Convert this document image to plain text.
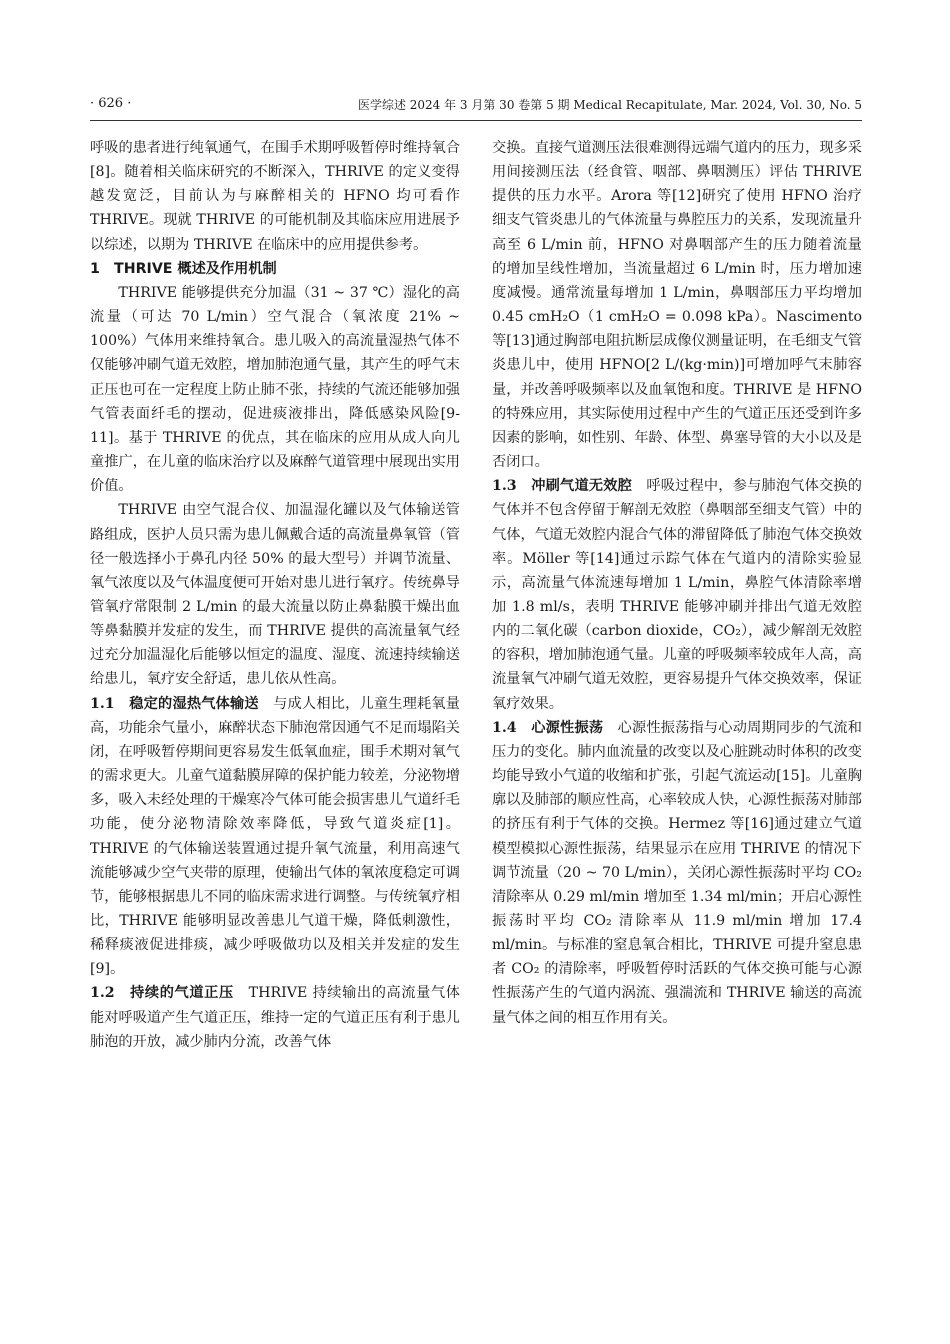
· 626 ·	医学综述 2024 年 3 月第 30 卷第 5 期 Medical Recapitulate, Mar. 2024, Vol. 30, No. 5

呼吸的患者进行纯氧通气，在围手术期呼吸暂停时维持氧合[8]。随着相关临床研究的不断深入，THRIVE 的定义变得越发宽泛，目前认为与麻醉相关的 HFNO 均可看作 THRIVE。现就 THRIVE 的可能机制及其临床应用进展予以综述，以期为 THRIVE 在临床中的应用提供参考。

1　THRIVE 概述及作用机制

THRIVE 能够提供充分加温（31 ~ 37 ℃）湿化的高流量（可达 70 L/min）空气混合（氧浓度 21% ~ 100%）气体用来维持氧合。患儿吸入的高流量湿热气体不仅能够冲刷气道无效腔，增加肺泡通气量，其产生的呼气末正压也可在一定程度上防止肺不张，持续的气流还能够加强气管表面纤毛的摆动，促进痰液排出，降低感染风险[9-11]。基于 THRIVE 的优点，其在临床的应用从成人向儿童推广，在儿童的临床治疗以及麻醉气道管理中展现出实用价值。

THRIVE 由空气混合仪、加温湿化罐以及气体输送管路组成，医护人员只需为患儿佩戴合适的高流量鼻氧管（管径一般选择小于鼻孔内径 50% 的最大型号）并调节流量、氧气浓度以及气体温度便可开始对患儿进行氧疗。传统鼻导管氧疗常限制 2 L/min 的最大流量以防止鼻黏膜干燥出血等鼻黏膜并发症的发生，而 THRIVE 提供的高流量氧气经过充分加温湿化后能够以恒定的温度、湿度、流速持续输送给患儿，氧疗安全舒适，患儿依从性高。

1.1　 稳定的湿热气体输送　 与成人相比，儿童生理耗氧量高，功能余气量小，麻醉状态下肺泡常因通气不足而塌陷关闭，在呼吸暂停期间更容易发生低氧血症，围手术期对氧气的需求更大。儿童气道黏膜屏障的保护能力较差，分泌物增多，吸入未经处理的干燥寒冷气体可能会损害患儿气道纤毛功能，使分泌物清除效率降低，导致气道炎症[1]。THRIVE 的气体输送装置通过提升氧气流量，利用高速气流能够减少空气夹带的原理，使输出气体的氧浓度稳定可调节，能够根据患儿不同的临床需求进行调整。与传统氧疗相比，THRIVE 能够明显改善患儿气道干燥，降低刺激性，稀释痰液促进排痰，减少呼吸做功以及相关并发症的发生[9]。

1.2　 持续的气道正压　 THRIVE 持续输出的高流量气体能对呼吸道产生气道正压，维持一定的气道正压有利于患儿肺泡的开放，减少肺内分流，改善气体

交换。直接气道测压法很难测得远端气道内的压力，现多采用间接测压法（经食管、咽部、鼻咽测压）评估 THRIVE 提供的压力水平。Arora 等[12]研究了使用 HFNO 治疗细支气管炎患儿的气体流量与鼻腔压力的关系，发现流量升高至 6 L/min 前，HFNO 对鼻咽部产生的压力随着流量的增加呈线性增加，当流量超过 6 L/min 时，压力增加速度减慢。通常流量每增加 1 L/min，鼻咽部压力平均增加 0.45 cmH₂O（1 cmH₂O = 0.098 kPa）。Nascimento 等[13]通过胸部电阻抗断层成像仪测量证明，在毛细支气管炎患儿中，使用 HFNO[2 L/(kg·min)]可增加呼气末肺容量，并改善呼吸频率以及血氧饱和度。THRIVE 是 HFNO 的特殊应用，其实际使用过程中产生的气道正压还受到许多因素的影响，如性别、年龄、体型、鼻塞导管的大小以及是否闭口。

1.3　 冲刷气道无效腔　 呼吸过程中，参与肺泡气体交换的气体并不包含停留于解剖无效腔（鼻咽部至细支气管）中的气体，气道无效腔内混合气体的滞留降低了肺泡气体交换效率。Möller 等[14]通过示踪气体在气道内的清除实验显示，高流量气体流速每增加 1 L/min，鼻腔气体清除率增加 1.8 ml/s，表明 THRIVE 能够冲刷并排出气道无效腔内的二氧化碳（carbon dioxide，CO₂），减少解剖无效腔的容积，增加肺泡通气量。儿童的呼吸频率较成年人高，高流量氧气冲刷气道无效腔，更容易提升气体交换效率，保证氧疗效果。

1.4　 心源性振荡　 心源性振荡指与心动周期同步的气流和压力的变化。肺内血流量的改变以及心脏跳动时体积的改变均能导致小气道的收缩和扩张，引起气流运动[15]。儿童胸廓以及肺部的顺应性高，心率较成人快，心源性振荡对肺部的挤压有利于气体的交换。Hermez 等[16]通过建立气道模型模拟心源性振荡，结果显示在应用 THRIVE 的情况下调节流量（20 ~ 70 L/min），关闭心源性振荡时平均 CO₂ 清除率从 0.29 ml/min 增加至 1.34 ml/min；开启心源性振荡时平均 CO₂ 清除率从 11.9 ml/min 增加 17.4 ml/min。与标准的窒息氧合相比，THRIVE 可提升窒息患者 CO₂ 的清除率，呼吸暂停时活跃的气体交换可能与心源性振荡产生的气道内涡流、强湍流和 THRIVE 输送的高流量气体之间的相互作用有关。
